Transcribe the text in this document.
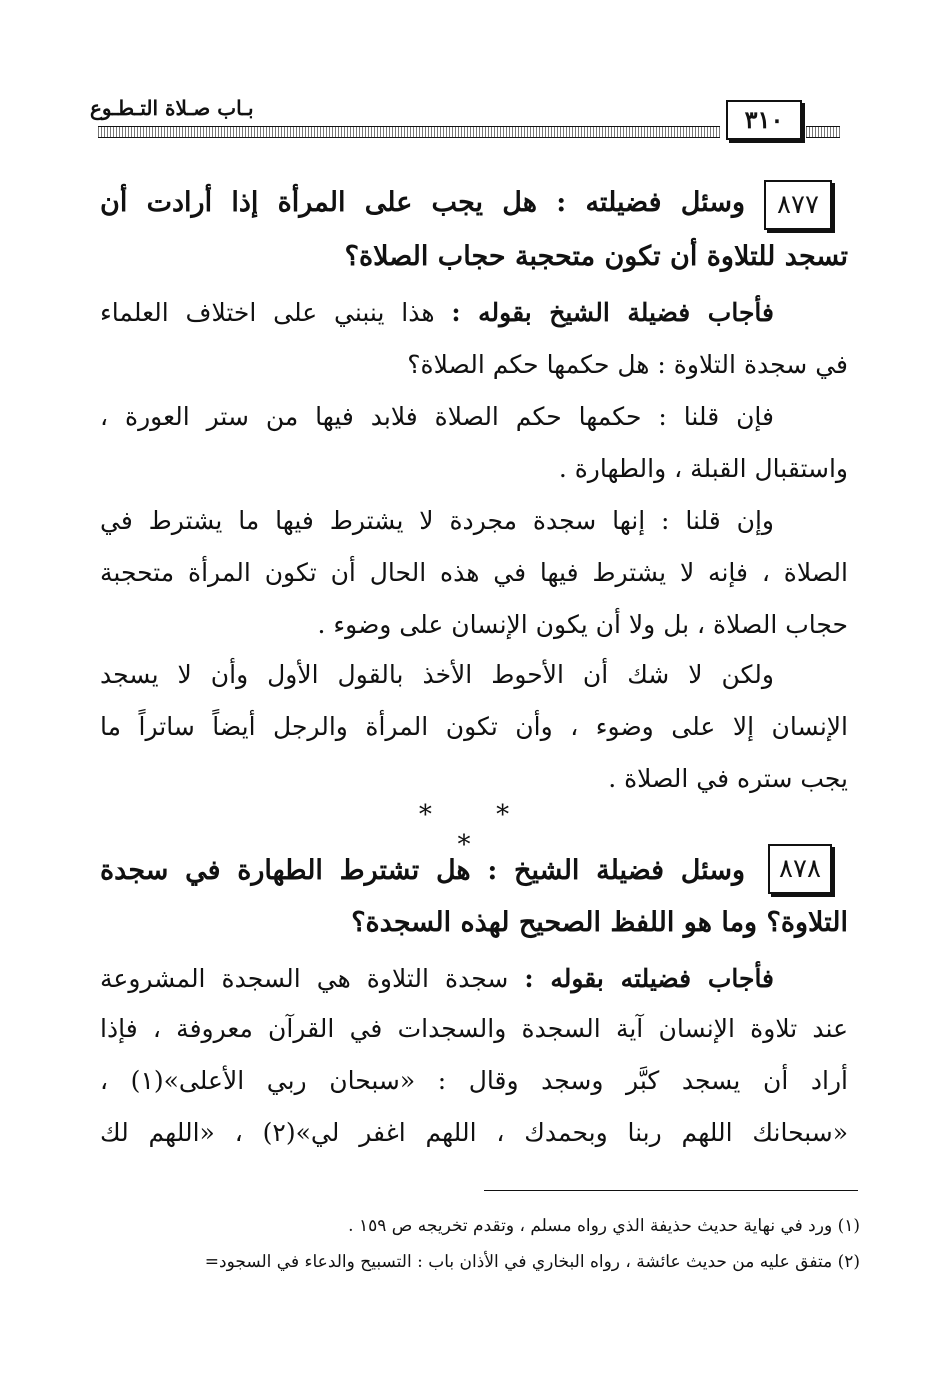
بـاب صـلاة التـطـوع	٣١٠
٨٧٧
وسئل فضيلته : هل يجب على المرأة إذا أرادت أن
تسجد للتلاوة أن تكون متحجبة حجاب الصلاة؟
فأجاب فضيلة الشيخ بقوله : هذا ينبني على اختلاف العلماء
في سجدة التلاوة : هل حكمها حكم الصلاة؟
فإن قلنا : حكمها حكم الصلاة فلابد فيها من ستر العورة ،
واستقبال القبلة ، والطهارة .
وإن قلنا : إنها سجدة مجردة لا يشترط فيها ما يشترط في
الصلاة ، فإنه لا يشترط فيها في هذه الحال أن تكون المرأة متحجبة
حجاب الصلاة ، بل ولا أن يكون الإنسان على وضوء .
ولكن لا شك أن الأحوط الأخذ بالقول الأول وأن لا يسجد
الإنسان إلا على وضوء ، وأن تكون المرأة والرجل أيضاً ساتراً ما
يجب ستره في الصلاة .
* * *
٨٧٨
وسئل فضيلة الشيخ : هل تشترط الطهارة في سجدة
التلاوة؟ وما هو اللفظ الصحيح لهذه السجدة؟
فأجاب فضيلته بقوله : سجدة التلاوة هي السجدة المشروعة
عند تلاوة الإنسان آية السجدة والسجدات في القرآن معروفة ، فإذا
أراد أن يسجد كبَّر وسجد وقال : «سبحان ربي الأعلى»(١) ،
«سبحانك اللهم ربنا وبحمدك ، اللهم اغفر لي»(٢) ، «اللهم لك
(١) ورد في نهاية حديث حذيفة الذي رواه مسلم ، وتقدم تخريجه ص ١٥٩ .
(٢) متفق عليه من حديث عائشة ، رواه البخاري في الأذان باب : التسبيح والدعاء في السجود=
